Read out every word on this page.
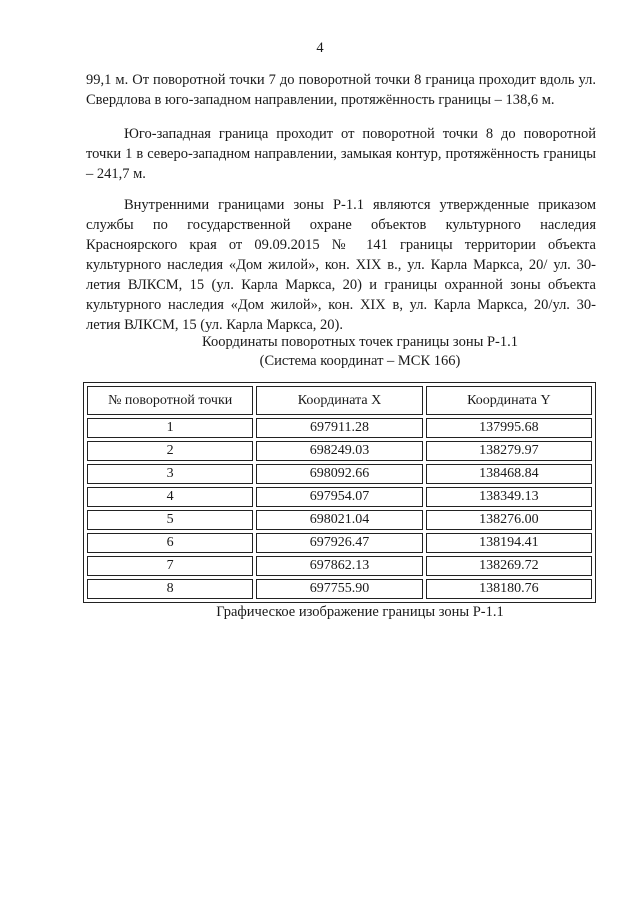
4

99,1 м. От поворотной точки 7 до поворотной точки 8 граница проходит вдоль ул. Свердлова в юго-западном направлении, протяжённость границы – 138,6 м.

Юго-западная граница проходит от поворотной точки 8 до поворотной точки 1 в северо-западном направлении, замыкая контур, протяжённость границы – 241,7 м.

Внутренними границами зоны Р-1.1 являются утвержденные приказом службы по государственной охране объектов культурного наследия Красноярского края от 09.09.2015 № 141 границы территории объекта культурного наследия «Дом жилой», кон. XIX в., ул. Карла Маркса, 20/ ул. 30-летия ВЛКСМ, 15 (ул. Карла Маркса, 20) и границы охранной зоны объекта культурного наследия «Дом жилой», кон. XIX в, ул. Карла Маркса, 20/ул. 30-летия ВЛКСМ, 15 (ул. Карла Маркса, 20).

Координаты поворотных точек границы зоны Р-1.1
(Система координат – МСК 166)
№ поворотной точки	Координата X	Координата Y
1	697911.28	137995.68
2	698249.03	138279.97
3	698092.66	138468.84
4	697954.07	138349.13
5	698021.04	138276.00
6	697926.47	138194.41
7	697862.13	138269.72
8	697755.90	138180.76
Графическое изображение границы зоны Р-1.1
